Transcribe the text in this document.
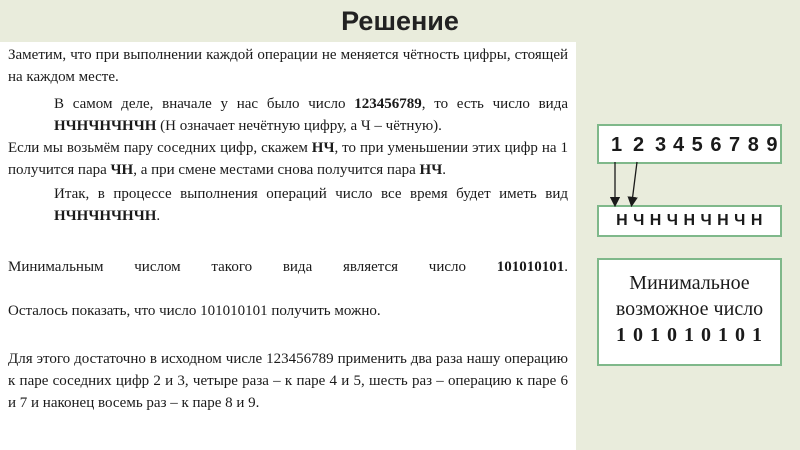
Решение

Заметим, что при выполнении каждой операции не меняется чётность цифры, стоящей на каждом месте.

В самом деле, вначале у нас было число 123456789, то есть число вида НЧНЧНЧНЧН (Н означает нечётную цифру, а Ч – чётную).

Если мы возьмём пару соседних цифр, скажем НЧ, то при уменьшении этих цифр на 1 получится пара ЧН, а при смене местами снова получится пара НЧ.

Итак, в процессе выполнения операций число все время будет иметь вид НЧНЧНЧНЧН.

Минимальным числом такого вида является число 101010101.

Осталось показать, что число 101010101 получить можно.

Для этого достаточно в исходном числе 123456789 применить два раза нашу операцию к паре соседних цифр 2 и 3, четыре раза – к паре 4 и 5, шесть раз – операцию к паре 6 и 7 и наконец восемь раз – к паре 8 и 9.

1 2 3 4 5 6 7 8 9
Н Ч Н Ч Н Ч Н Ч Н
Минимальное
возможное число
1 0 1 0 1 0 1 0 1
